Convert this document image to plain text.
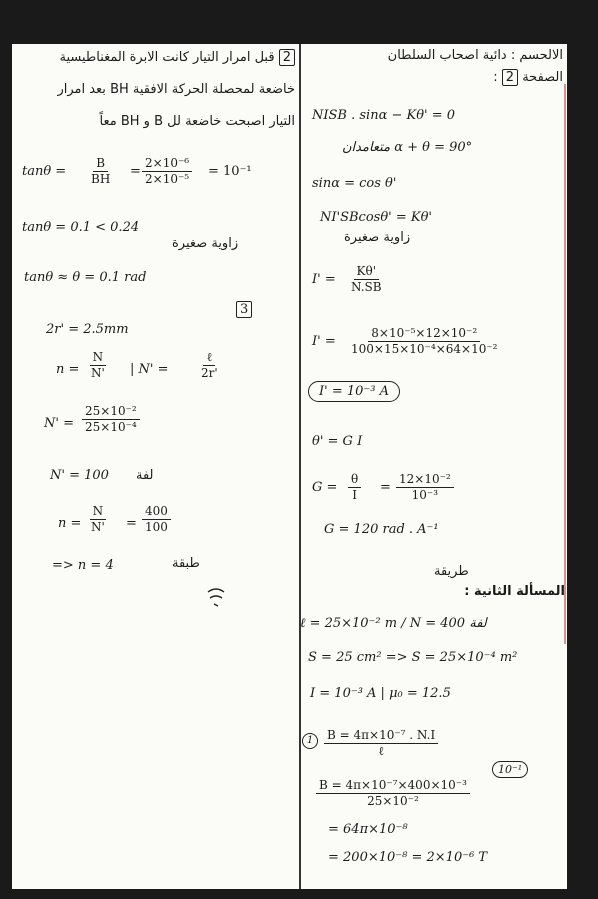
2 قبل امرار التيار كانت الابرة المغناطيسية
خاضعة لمحصلة الحركة الافقية BH بعد امرار
التيار اصبحت خاضعة لل B و BH معاً
$\tan\theta = \frac{B}{BH} = \frac{\text{2×10⁻⁶}}{\text{2×10⁻⁵}} = 10^{-1}$
tanθ = 0.1 < 0.24
زاوية صغيرة
tanθ ≈ θ = 0.1 rad
3
2r' = 2.5mm
$n = \frac{N}{N'}$ | N' =
ℓ
2r'
$N' = \frac{\text{25×10⁻²}}{\text{25×10⁻⁴}}$
N' = 100 لفة
$n = \frac{N}{N'} = \frac{400}{100}$
=> n = 4	طبقة
الالحسم : دائية اصحاب السلطان
الصفحة 2 :
NISB . sinα − Kθ' = 0
متعامدان α + θ = 90°
sinα = cos θ'
NI'SBcosθ' = Kθ'
زاوية صغيرة
$I' = \frac{K\theta'}{N.SB}$
$I' = \frac{\text{8×10⁻⁵×12×10⁻²}}{\text{100×15×10⁻⁴×64×10⁻²}}$
I' = 10⁻³ A
θ' = G I
$G = \frac{\theta}{I} = \frac{\text{12×10⁻²}}{\text{10⁻³}}$
G = 120 rad . A⁻¹
طريقة
المسألة الثانية :
ℓ = 25×10⁻² m / N = 400 لفة
S = 25 cm² => S = 25×10⁻⁴ m²
I = 10⁻³ A | μ₀ = 12.5
1	B = 4π×10⁻⁷ . N.I
ℓ
10⁻¹
$\frac{\text{B = 4π×10⁻⁷×400×10⁻³}}{\text{25×10⁻²}}$
= 64π×10⁻⁸
= 200×10⁻⁸ = 2×10⁻⁶ T
